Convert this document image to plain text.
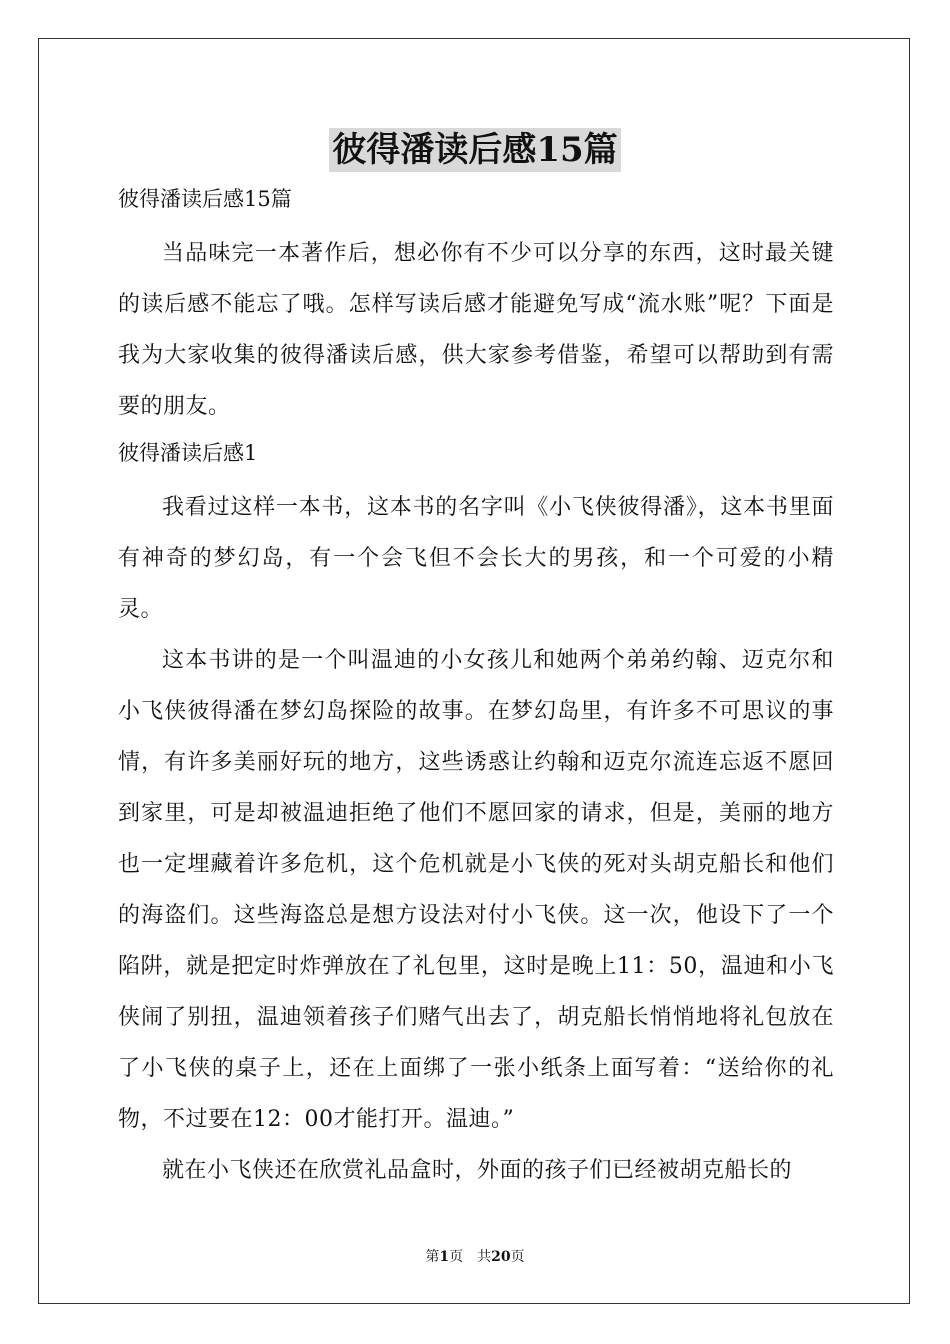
彼得潘读后感15篇
彼得潘读后感15篇

当品味完一本著作后，想必你有不少可以分享的东西，这时最关键的读后感不能忘了哦。怎样写读后感才能避免写成“流水账”呢？下面是我为大家收集的彼得潘读后感，供大家参考借鉴，希望可以帮助到有需要的朋友。

彼得潘读后感1

我看过这样一本书，这本书的名字叫《小飞侠彼得潘》，这本书里面有神奇的梦幻岛，有一个会飞但不会长大的男孩，和一个可爱的小精灵。

这本书讲的是一个叫温迪的小女孩儿和她两个弟弟约翰、迈克尔和小飞侠彼得潘在梦幻岛探险的故事。在梦幻岛里，有许多不可思议的事情，有许多美丽好玩的地方，这些诱惑让约翰和迈克尔流连忘返不愿回到家里，可是却被温迪拒绝了他们不愿回家的请求，但是，美丽的地方也一定埋藏着许多危机，这个危机就是小飞侠的死对头胡克船长和他们的海盗们。这些海盗总是想方设法对付小飞侠。这一次，他设下了一个陷阱，就是把定时炸弹放在了礼包里，这时是晚上11：50，温迪和小飞侠闹了别扭，温迪领着孩子们赌气出去了，胡克船长悄悄地将礼包放在了小飞侠的桌子上，还在上面绑了一张小纸条上面写着：“送给你的礼物，不过要在12：00才能打开。温迪。”

就在小飞侠还在欣赏礼品盒时，外面的孩子们已经被胡克船长的

第1页　共20页
